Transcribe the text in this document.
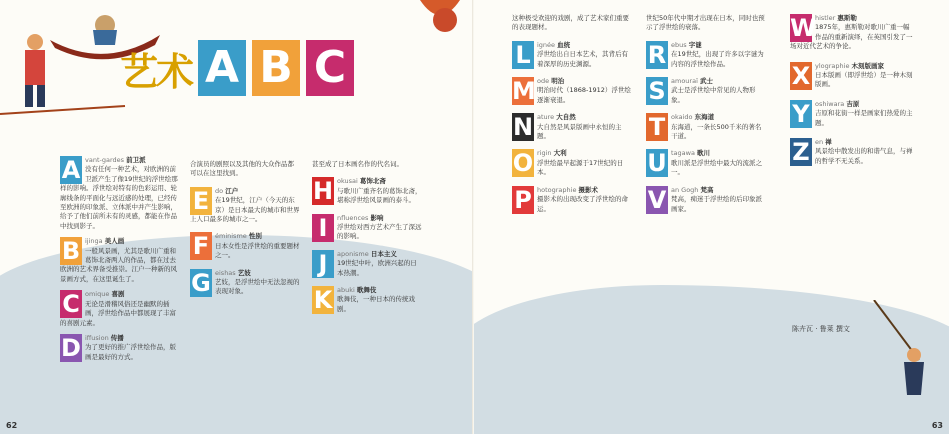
艺术 A B C
A vant-gardes 前卫派
没有任何一种艺术，对欧洲的前卫派产生了像19世纪的浮世绘那样的影响。浮世绘对特有的色彩运用、轮廓线条的平面化与远近感的处理，已经传至欧洲的印象派、立体派中并产生影响，给予了他们前所未有的灵感，都能在作品中找到影子。
B ijinga 美人画
一般风景画，尤其是歌川广重和葛饰北斋两人的作品，都在过去欧洲的艺术界备受推崇。江户一种新的风景画方式，在这里诞生了。
C omique 喜剧
无论是滑稽风俗还是幽默的插画，浮世绘作品中都展现了丰富的喜剧元素。
D iffusion 传播
为了更好的推广浮世绘作品，版画是最好的方式。
合演员的剧照以及其他的大众作品都可以在这里找到。
E do 江户
在19世纪，江户（今天的东京）是日本最大的城市和世界上人口最多的城市之一。
F éminisme 性别
日本女性是浮世绘的重要题材之一。
G eishas 艺妓
艺妓，是浮世绘中无法忽视的表现对象。
甚至成了日本画名作的代名词。
H okusai 葛饰北斋
与歌川广重齐名的葛饰北斋，堪称浮世绘风景画的泰斗。
I	nfluences 影响
浮世绘对西方艺术产生了深远的影响。
J	aponisme 日本主义
19世纪中叶，欧洲兴起的日本热潮。
K abuki 歌舞伎
歌舞伎，一种日本的传统戏剧。
62
这种极受欢迎的戏剧，成了艺术家们重要的表现题材。
L ignée 血统
浮世绘出自日本艺术，其背后有着深厚的历史渊源。
M ode 明治
明治时代（1868-1912）浮世绘逐渐衰退。
N ature 大自然
大自然是风景版画中永恒的主题。
O rigin 大利
浮世绘最早起源于17世纪的日本。
P hotographie 摄影术
摄影术的出现改变了浮世绘的命运。
世纪50年代中期才出现在日本，同时也预示了浮世绘的衰落。
R ebus 字谜
在19世纪，出现了许多以字谜为内容的浮世绘作品。
S amouraï 武士
武士是浮世绘中常见的人物形象。
T okaido 东海道
东海道，一条长500千米的著名干道。
U tagawa 歌川
歌川派是浮世绘中最大的流派之一。
V an Gogh 梵高
梵高，痴迷于浮世绘的后印象派画家。
W
histler 惠斯勒
1875年，惠斯勒对歌川广重一幅作品的重新演绎，在英国引发了一场对近代艺术的争论。
X ylographie 木刻版画家
日本版画（即浮世绘）是一种木刻版画。
Y oshiwara 吉原
吉原和花街一样是画家们热爱的主题。
Z en 禅
风景绘中散发出的和谐气息，与禅的哲学不无关系。
陈卉瓦 · 鲁莱 撰文
63
